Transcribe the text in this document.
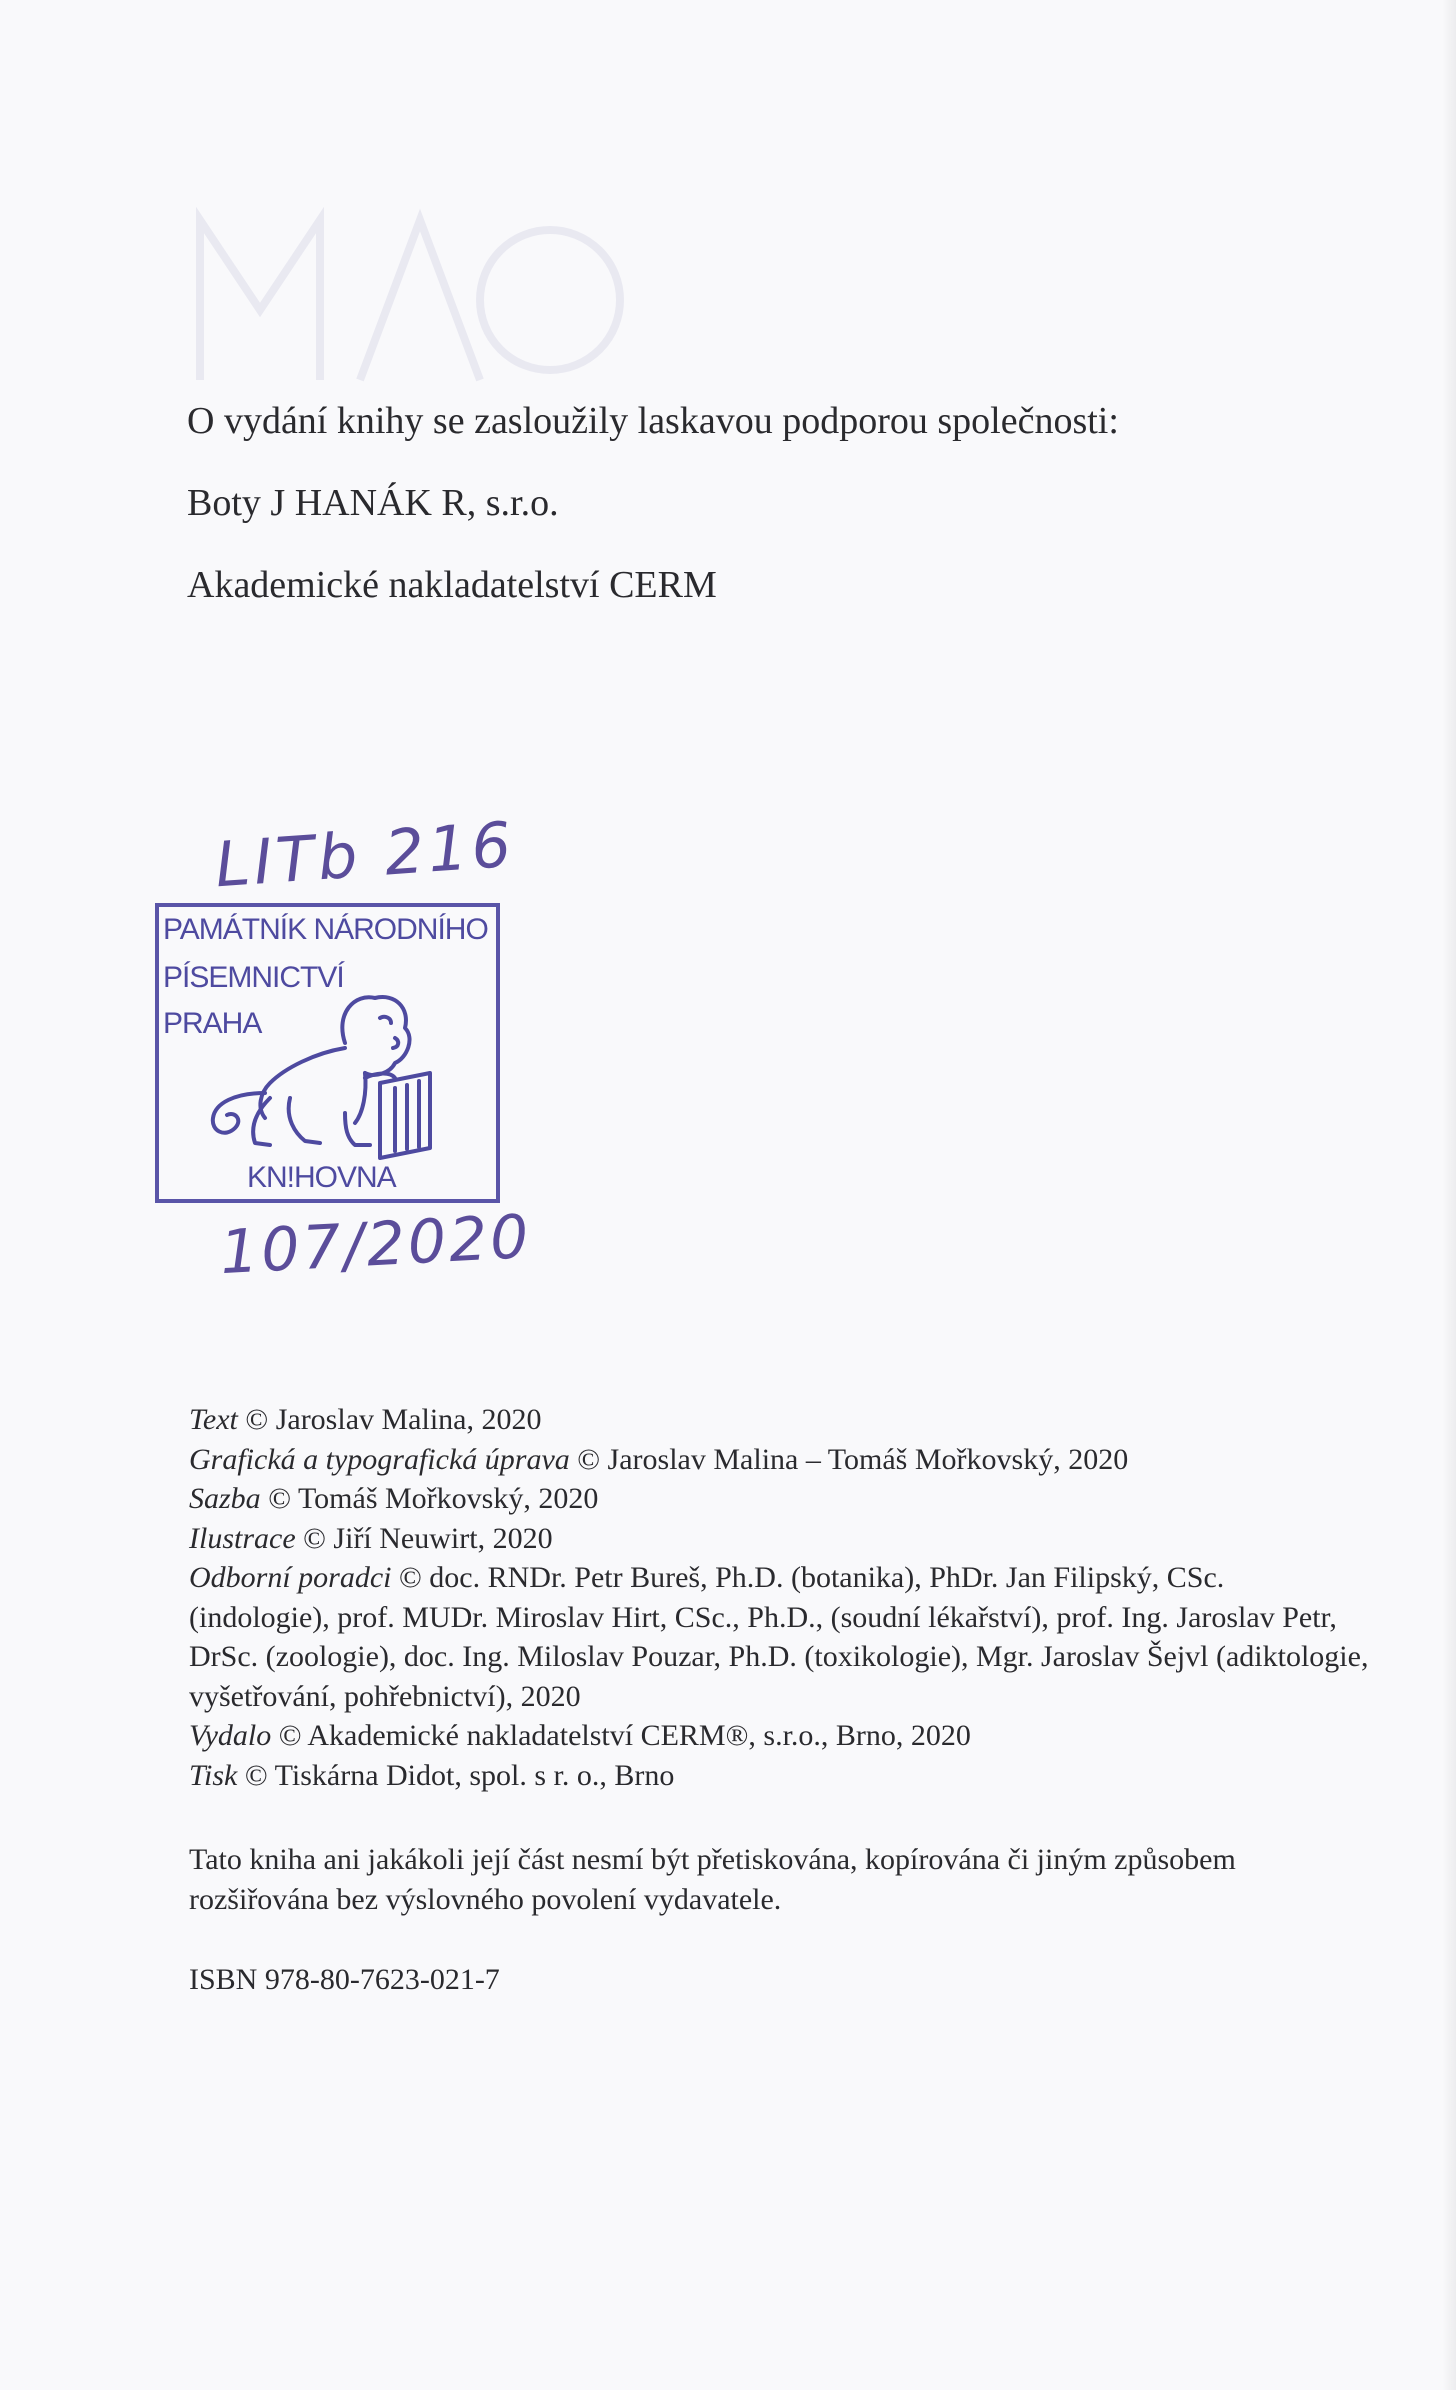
O vydání knihy se zasloužily laskavou podporou společnosti:
Boty J HANÁK R, s.r.o.
Akademické nakladatelství CERM
LITb 216
PAMÁTNÍK NÁRODNÍHO
PÍSEMNICTVÍ
PRAHA
KN!HOVNA
107/2020

Text © Jaroslav Malina, 2020

Grafická a typografická úprava © Jaroslav Malina – Tomáš Mořkovský, 2020

Sazba © Tomáš Mořkovský, 2020

Ilustrace © Jiří Neuwirt, 2020

Odborní poradci © doc. RNDr. Petr Bureš, Ph.D. (botanika), PhDr. Jan Filipský, CSc. (indologie), prof. MUDr. Miroslav Hirt, CSc., Ph.D., (soudní lékařství), prof. Ing. Jaroslav Petr, DrSc. (zoologie), doc. Ing. Miloslav Pouzar, Ph.D. (toxikologie), Mgr. Jaroslav Šejvl (adiktologie, vyšetřování, pohřebnictví), 2020

Vydalo © Akademické nakladatelství CERM®, s.r.o., Brno, 2020

Tisk © Tiskárna Didot, spol. s r. o., Brno

Tato kniha ani jakákoli její část nesmí být přetiskována, kopírována či jiným způsobem rozšiřována bez výslovného povolení vydavatele.
ISBN 978-80-7623-021-7
